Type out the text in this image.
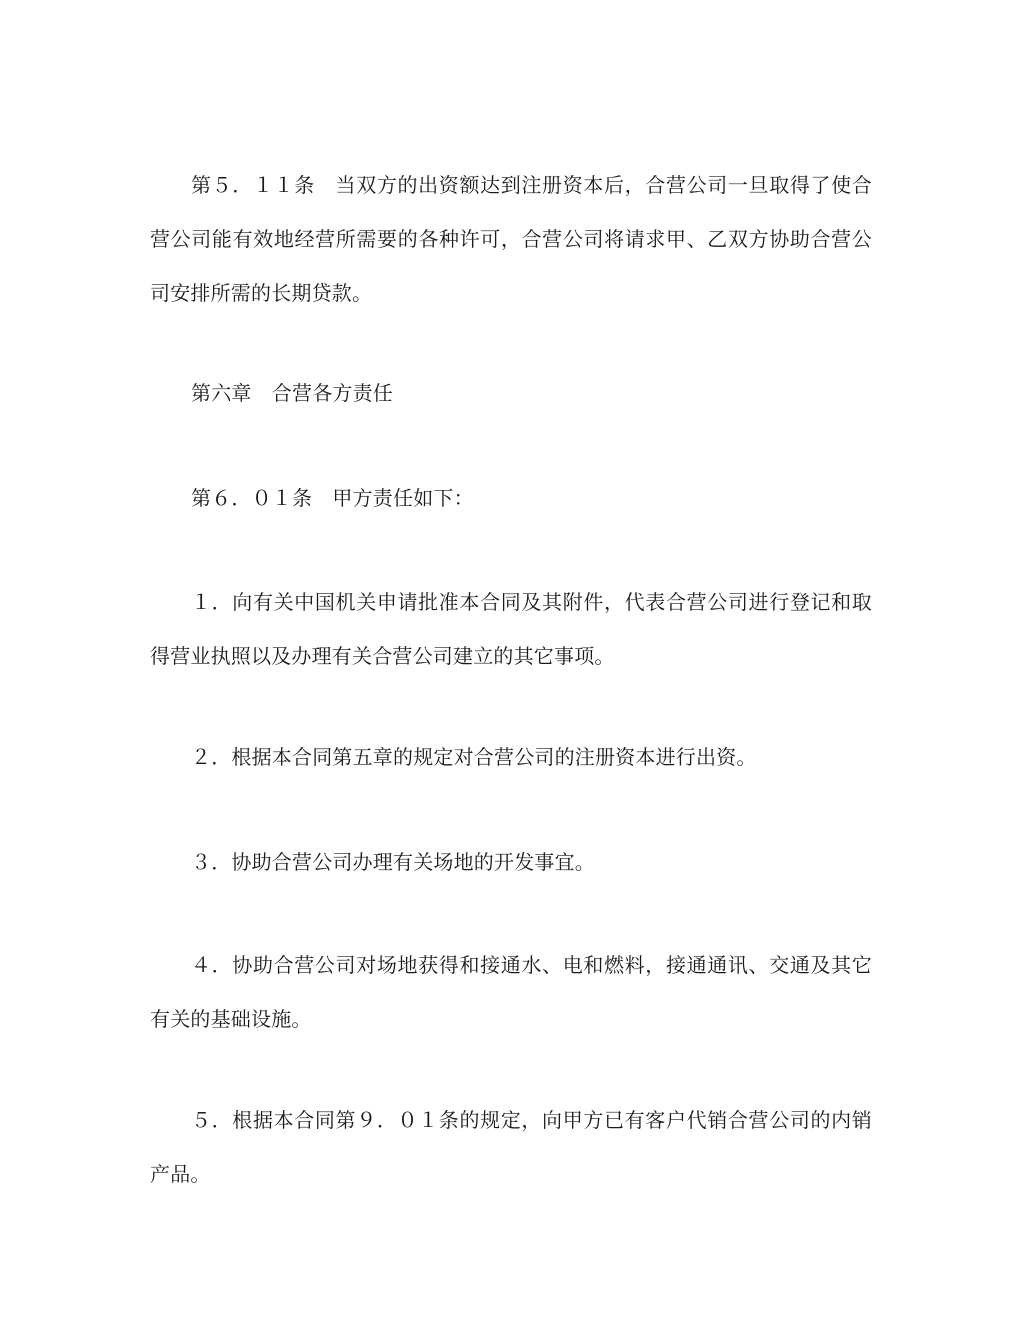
第５．１１条　当双方的出资额达到注册资本后，合营公司一旦取得了使合营公司能有效地经营所需要的各种许可，合营公司将请求甲、乙双方协助合营公司安排所需的长期贷款。

第六章　合营各方责任

第６．０１条　甲方责任如下：

１．向有关中国机关申请批准本合同及其附件，代表合营公司进行登记和取得营业执照以及办理有关合营公司建立的其它事项。

２．根据本合同第五章的规定对合营公司的注册资本进行出资。

３．协助合营公司办理有关场地的开发事宜。

４．协助合营公司对场地获得和接通水、电和燃料，接通通讯、交通及其它有关的基础设施。

５．根据本合同第９．０１条的规定，向甲方已有客户代销合营公司的内销产品。
